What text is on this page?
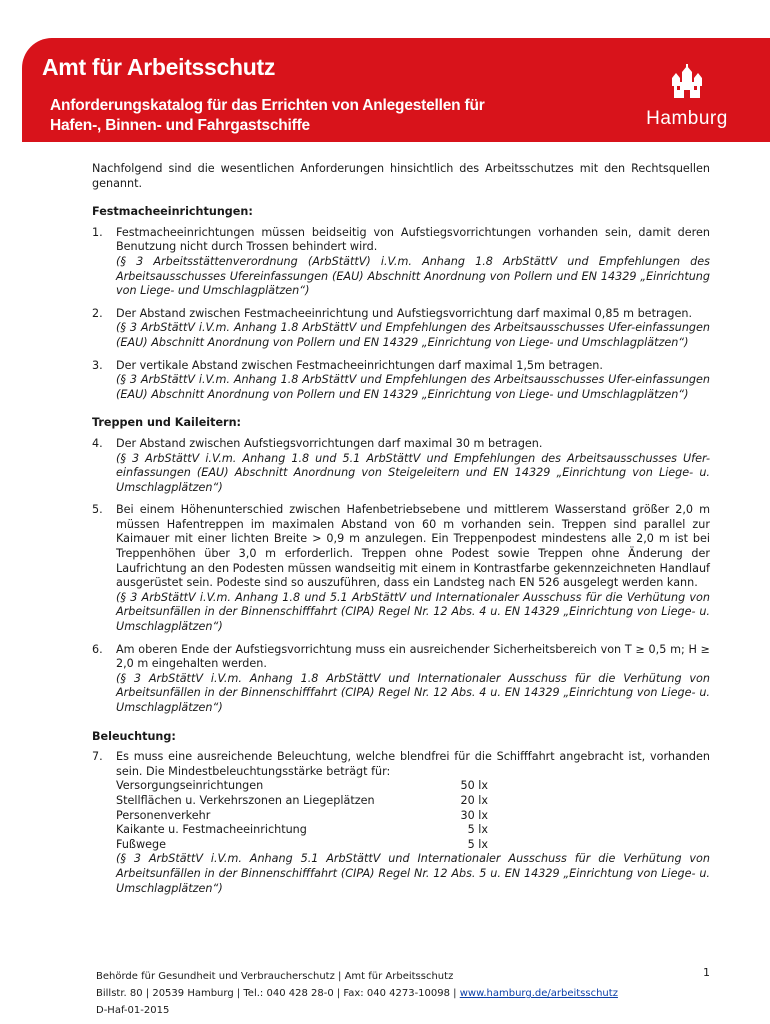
Amt für Arbeitsschutz
Anforderungskatalog für das Errichten von Anlegestellen für Hafen-, Binnen- und Fahrgastschiffe	Hamburg

Nachfolgend sind die wesentlichen Anforderungen hinsichtlich des Arbeitsschutzes mit den Rechtsquellen genannt.

Festmacheeinrichtungen:
1. Festmacheeinrichtungen müssen beidseitig von Aufstiegsvorrichtungen vorhanden sein, damit deren Benutzung nicht durch Trossen behindert wird.
(§ 3 Arbeitsstättenverordnung (ArbStättV) i.V.m. Anhang 1.8 ArbStättV und Empfehlungen des Arbeitsausschusses Ufereinfassungen (EAU) Abschnitt Anordnung von Pollern und EN 14329 „Einrichtung von Liege- und Umschlagplätzen“)
2. Der Abstand zwischen Festmacheeinrichtung und Aufstiegsvorrichtung darf maximal 0,85 m betragen.
(§ 3 ArbStättV i.V.m. Anhang 1.8 ArbStättV und Empfehlungen des Arbeitsausschusses Ufer-einfassungen (EAU) Abschnitt Anordnung von Pollern und EN 14329 „Einrichtung von Liege- und Umschlagplätzen“)
3. Der vertikale Abstand zwischen Festmacheeinrichtungen darf maximal 1,5m betragen.
(§ 3 ArbStättV i.V.m. Anhang 1.8 ArbStättV und Empfehlungen des Arbeitsausschusses Ufer-einfassungen (EAU) Abschnitt Anordnung von Pollern und EN 14329 „Einrichtung von Liege- und Umschlagplätzen“)
Treppen und Kaileitern:
4. Der Abstand zwischen Aufstiegsvorrichtungen darf maximal 30 m betragen.
(§ 3 ArbStättV i.V.m. Anhang 1.8 und 5.1 ArbStättV und Empfehlungen des Arbeitsausschusses Ufer-einfassungen (EAU) Abschnitt Anordnung von Steigeleitern und EN 14329 „Einrichtung von Liege- u. Umschlagplätzen“)
5. Bei einem Höhenunterschied zwischen Hafenbetriebsebene und mittlerem Wasserstand größer 2,0 m müssen Hafentreppen im maximalen Abstand von 60 m vorhanden sein. Treppen sind parallel zur Kaimauer mit einer lichten Breite > 0,9 m anzulegen. Ein Treppenpodest mindestens alle 2,0 m ist bei Treppenhöhen über 3,0 m erforderlich. Treppen ohne Podest sowie Treppen ohne Änderung der Laufrichtung an den Podesten müssen wandseitig mit einem in Kontrastfarbe gekennzeichneten Handlauf ausgerüstet sein. Podeste sind so auszuführen, dass ein Landsteg nach EN 526 ausgelegt werden kann.
(§ 3 ArbStättV i.V.m. Anhang 1.8 und 5.1 ArbStättV und Internationaler Ausschuss für die Verhütung von Arbeitsunfällen in der Binnenschifffahrt (CIPA) Regel Nr. 12 Abs. 4 u. EN 14329 „Einrichtung von Liege- u. Umschlagplätzen“)
6. Am oberen Ende der Aufstiegsvorrichtung muss ein ausreichender Sicherheitsbereich von T ≥ 0,5 m; H ≥ 2,0 m eingehalten werden.
(§ 3 ArbStättV i.V.m. Anhang 1.8 ArbStättV und Internationaler Ausschuss für die Verhütung von Arbeitsunfällen in der Binnenschifffahrt (CIPA) Regel Nr. 12 Abs. 4 u. EN 14329 „Einrichtung von Liege- u. Umschlagplätzen“)
Beleuchtung:
7. Es muss eine ausreichende Beleuchtung, welche blendfrei für die Schifffahrt angebracht ist, vorhanden sein. Die Mindestbeleuchtungsstärke beträgt für:
Versorgungseinrichtungen	50 lx
Stellflächen u. Verkehrszonen an Liegeplätzen	20 lx
Personenverkehr	30 lx
Kaikante u. Festmacheeinrichtung	5 lx
Fußwege	5 lx
(§ 3 ArbStättV i.V.m. Anhang 5.1 ArbStättV und Internationaler Ausschuss für die Verhütung von Arbeitsunfällen in der Binnenschifffahrt (CIPA) Regel Nr. 12 Abs. 5 u. EN 14329 „Einrichtung von Liege- u. Umschlagplätzen“)
1
Behörde für Gesundheit und Verbraucherschutz | Amt für Arbeitsschutz
Billstr. 80 | 20539 Hamburg | Tel.: 040 428 28-0 | Fax: 040 4273-10098 | www.hamburg.de/arbeitsschutz
D-Haf-01-2015
